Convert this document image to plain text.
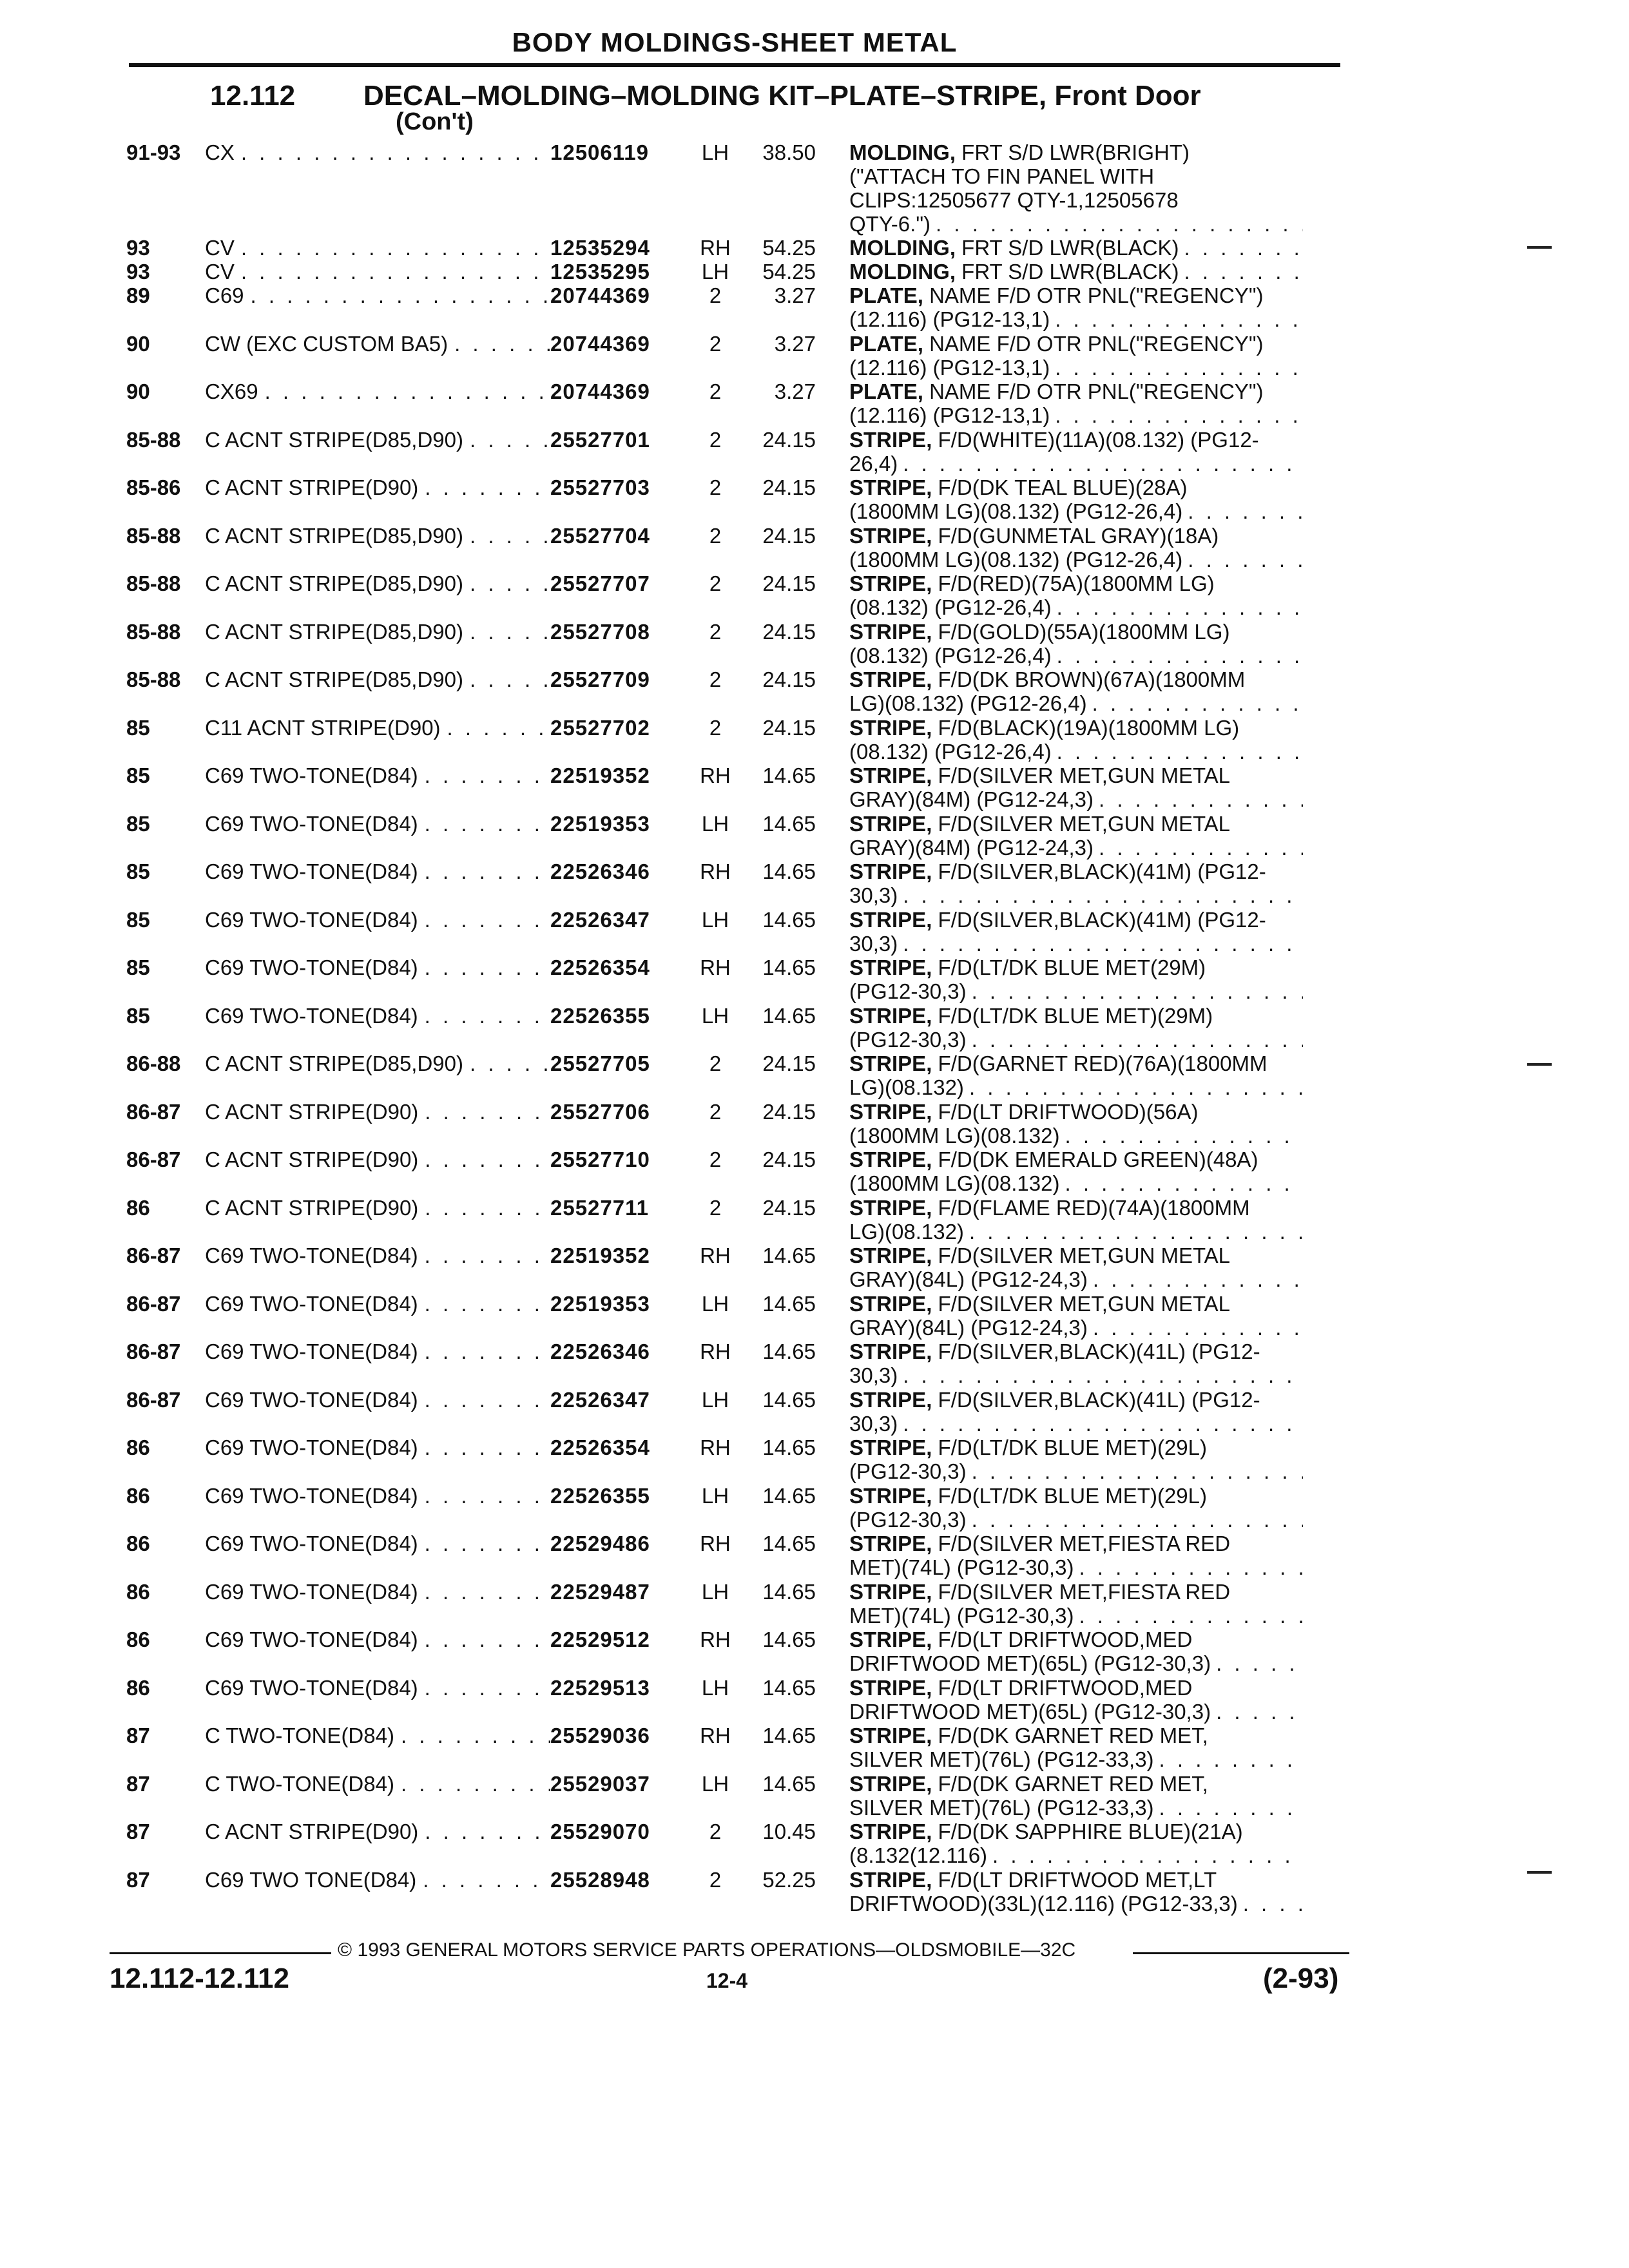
BODY MOLDINGS-SHEET METAL
12.112 DECAL–MOLDING–MOLDING KIT–PLATE–STRIPE, Front Door
(Con't)
91-93	CX . . .	12506119	LH	38.50 MOLDING, FRT S/D LWR(BRIGHT)
("ATTACH TO FIN PANEL WITH
CLIPS:12505677 QTY-1,12505678
QTY-6.")
. . .
93	CV . . .	12535294	RH	54.25 MOLDING, FRT S/D LWR(BLACK)
. . .
93	CV . . .	12535295	LH	54.25 MOLDING, FRT S/D LWR(BLACK)
. . .
89	C69 . . .	20744369	2	3.27 PLATE, NAME F/D OTR PNL("REGENCY")
(12.116) (PG12-13,1)
. . .
90	CW (EXC CUSTOM BA5) . . .	20744369	2	3.27 PLATE, NAME F/D OTR PNL("REGENCY")
(12.116) (PG12-13,1)
. . .
90	CX69 . . .	20744369	2	3.27 PLATE, NAME F/D OTR PNL("REGENCY")
(12.116) (PG12-13,1)
. . .
85-88	C ACNT STRIPE(D85,D90) . . .	25527701	2	24.15 STRIPE, F/D(WHITE)(11A)(08.132) (PG12-
26,4)
. . .
85-86	C ACNT STRIPE(D90) . . .	25527703	2	24.15 STRIPE, F/D(DK TEAL BLUE)(28A)
(1800MM LG)(08.132) (PG12-26,4)
. . .
85-88	C ACNT STRIPE(D85,D90) . . .	25527704	2	24.15 STRIPE, F/D(GUNMETAL GRAY)(18A)
(1800MM LG)(08.132) (PG12-26,4)
. . .
85-88	C ACNT STRIPE(D85,D90) . . .	25527707	2	24.15 STRIPE, F/D(RED)(75A)(1800MM LG)
(08.132) (PG12-26,4)
. . .
85-88	C ACNT STRIPE(D85,D90) . . .	25527708	2	24.15 STRIPE, F/D(GOLD)(55A)(1800MM LG)
(08.132) (PG12-26,4)
. . .
85-88	C ACNT STRIPE(D85,D90) . . .	25527709	2	24.15 STRIPE, F/D(DK BROWN)(67A)(1800MM
LG)(08.132) (PG12-26,4)
. . .
85	C11 ACNT STRIPE(D90) . . .	25527702	2	24.15 STRIPE, F/D(BLACK)(19A)(1800MM LG)
(08.132) (PG12-26,4)
. . .
85	C69 TWO-TONE(D84) . . .	22519352	RH	14.65 STRIPE, F/D(SILVER MET,GUN METAL
GRAY)(84M) (PG12-24,3)
. . .
85	C69 TWO-TONE(D84) . . .	22519353	LH	14.65 STRIPE, F/D(SILVER MET,GUN METAL
GRAY)(84M) (PG12-24,3)
. . .
85	C69 TWO-TONE(D84) . . .	22526346	RH	14.65 STRIPE, F/D(SILVER,BLACK)(41M) (PG12-
30,3)
. . .
85	C69 TWO-TONE(D84) . . .	22526347	LH	14.65 STRIPE, F/D(SILVER,BLACK)(41M) (PG12-
30,3)
. . .
85	C69 TWO-TONE(D84) . . .	22526354	RH	14.65 STRIPE, F/D(LT/DK BLUE MET(29M)
(PG12-30,3)
. . .
85	C69 TWO-TONE(D84) . . .	22526355	LH	14.65 STRIPE, F/D(LT/DK BLUE MET)(29M)
(PG12-30,3)
. . .
86-88	C ACNT STRIPE(D85,D90) . . .	25527705	2	24.15 STRIPE, F/D(GARNET RED)(76A)(1800MM
LG)(08.132)
. . .
86-87	C ACNT STRIPE(D90) . . .	25527706	2	24.15 STRIPE, F/D(LT DRIFTWOOD)(56A)
(1800MM LG)(08.132)
. . .
86-87	C ACNT STRIPE(D90) . . .	25527710	2	24.15 STRIPE, F/D(DK EMERALD GREEN)(48A)
(1800MM LG)(08.132)
. . .
86	C ACNT STRIPE(D90) . . .	25527711	2	24.15 STRIPE, F/D(FLAME RED)(74A)(1800MM
LG)(08.132)
. . .
86-87	C69 TWO-TONE(D84) . . .	22519352	RH	14.65 STRIPE, F/D(SILVER MET,GUN METAL
GRAY)(84L) (PG12-24,3)
. . .
86-87	C69 TWO-TONE(D84) . . .	22519353	LH	14.65 STRIPE, F/D(SILVER MET,GUN METAL
GRAY)(84L) (PG12-24,3)
. . .
86-87	C69 TWO-TONE(D84) . . .	22526346	RH	14.65 STRIPE, F/D(SILVER,BLACK)(41L) (PG12-
30,3)
. . .
86-87	C69 TWO-TONE(D84) . . .	22526347	LH	14.65 STRIPE, F/D(SILVER,BLACK)(41L) (PG12-
30,3)
. . .
86	C69 TWO-TONE(D84) . . .	22526354	RH	14.65 STRIPE, F/D(LT/DK BLUE MET)(29L)
(PG12-30,3)
. . .
86	C69 TWO-TONE(D84) . . .	22526355	LH	14.65 STRIPE, F/D(LT/DK BLUE MET)(29L)
(PG12-30,3)
. . .
86	C69 TWO-TONE(D84) . . .	22529486	RH	14.65 STRIPE, F/D(SILVER MET,FIESTA RED
MET)(74L) (PG12-30,3)
. . .
86	C69 TWO-TONE(D84) . . .	22529487	LH	14.65 STRIPE, F/D(SILVER MET,FIESTA RED
MET)(74L) (PG12-30,3)
. . .
86	C69 TWO-TONE(D84) . . .	22529512	RH	14.65 STRIPE, F/D(LT DRIFTWOOD,MED
DRIFTWOOD MET)(65L) (PG12-30,3)
. . .
86	C69 TWO-TONE(D84) . . .	22529513	LH	14.65 STRIPE, F/D(LT DRIFTWOOD,MED
DRIFTWOOD MET)(65L) (PG12-30,3)
. . .
87	C TWO-TONE(D84) . . .	25529036	RH	14.65 STRIPE, F/D(DK GARNET RED MET,
SILVER MET)(76L) (PG12-33,3)
. . .
87	C TWO-TONE(D84) . . .	25529037	LH	14.65 STRIPE, F/D(DK GARNET RED MET,
SILVER MET)(76L) (PG12-33,3)
. . .
87	C ACNT STRIPE(D90) . . .	25529070	2	10.45 STRIPE, F/D(DK SAPPHIRE BLUE)(21A)
(8.132(12.116)
. . .
87	C69 TWO TONE(D84) . . .	25528948	2	52.25 STRIPE, F/D(LT DRIFTWOOD MET,LT
DRIFTWOOD)(33L)(12.116) (PG12-33,3)
. . .
© 1993 GENERAL MOTORS SERVICE PARTS OPERATIONS—OLDSMOBILE—32C
12.112-12.112	12-4	(2-93)
